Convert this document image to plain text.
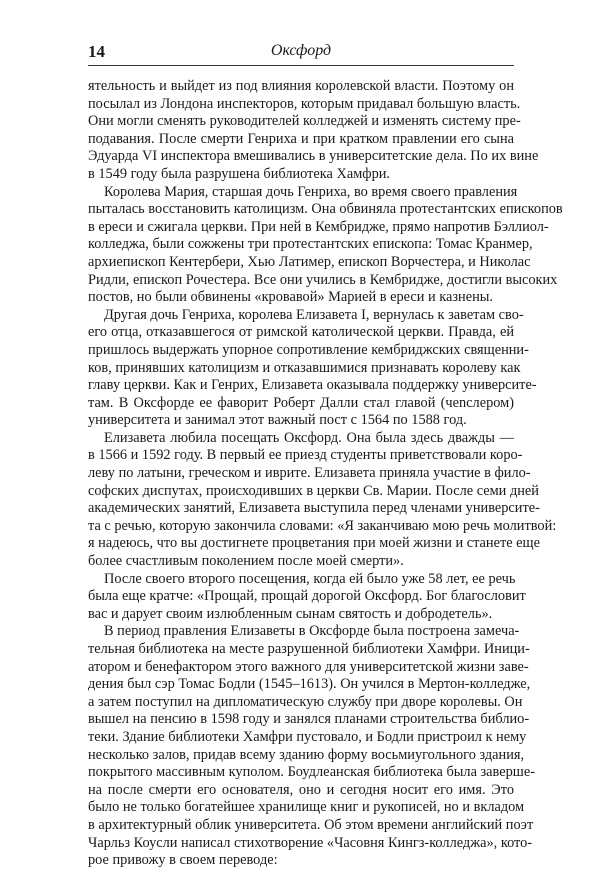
14	Оксфорд

ятельность и выйдет из под влияния королевской власти. Поэтому он
посылал из Лондона инспекторов, которым придавал большую власть.
Они могли сменять руководителей колледжей и изменять систему пре-
подавания. После смерти Генриха и при кратком правлении его сына
Эдуарда VI инспектора вмешивались в университетские дела. По их вине
в 1549 году была разрушена библиотека Хамфри.

Королева Мария, старшая дочь Генриха, во время своего правления
пыталась восстановить католицизм. Она обвиняла протестантских епископов
в ереси и сжигала церкви. При ней в Кембридже, прямо напротив Бэллиол-
колледжа, были сожжены три протестантских епископа: Томас Кранмер,
архиепископ Кентербери, Хью Латимер, епископ Ворчестера, и Николас
Ридли, епископ Рочестера. Все они учились в Кембридже, достигли высоких
постов, но были обвинены «кровавой» Марией в ереси и казнены.

Другая дочь Генриха, королева Елизавета I, вернулась к заветам сво-
его отца, отказавшегося от римской католической церкви. Правда, ей
пришлось выдержать упорное сопротивление кембриджских священни-
ков, принявших католицизм и отказавшимися признавать королеву как
главу церкви. Как и Генрих, Елизавета оказывала поддержку университе-
там. В Оксфорде ее фаворит Роберт Далли стал главой (чenслером)
университета и занимал этот важный пост с 1564 по 1588 год.

Елизавета любила посещать Оксфорд. Она была здесь дважды —
в 1566 и 1592 году. В первый ее приезд студенты приветствовали коро-
леву по латыни, греческом и иврите. Елизавета приняла участие в фило-
софских диспутах, происходивших в церкви Св. Марии. После семи дней
академических занятий, Елизавета выступила перед членами университе-
та с речью, которую закончила словами: «Я заканчиваю мою речь молитвой:
я надеюсь, что вы достигнете процветания при моей жизни и станете еще
более счастливым поколением после моей смерти».

После своего второго посещения, когда ей было уже 58 лет, ее речь
была еще кратче: «Прощай, прощай дорогой Оксфорд. Бог благословит
вас и дарует своим излюбленным сынам святость и добродетель».

В период правления Елизаветы в Оксфорде была построена замеча-
тельная библиотека на месте разрушенной библиотеки Хамфри. Иници-
атором и бенефактором этого важного для университетской жизни заве-
дения был сэр Томас Бодли (1545–1613). Он учился в Мертон-колледже,
а затем поступил на дипломатическую службу при дворе королевы. Он
вышел на пенсию в 1598 году и занялся планами строительства библио-
теки. Здание библиотеки Хамфри пустовало, и Бодли пристроил к нему
несколько залов, придав всему зданию форму восьмиугольного здания,
покрытого массивным куполом. Боудлеанская библиотека была заверше-
на после смерти его основателя, оно и сегодня носит его имя. Это
было не только богатейшее хранилище книг и рукописей, но и вкладом
в архитектурный облик университета. Об этом времени английский поэт
Чарльз Коусли написал стихотворение «Часовня Кингз-колледжа», кото-
рое привожу в своем переводе:
